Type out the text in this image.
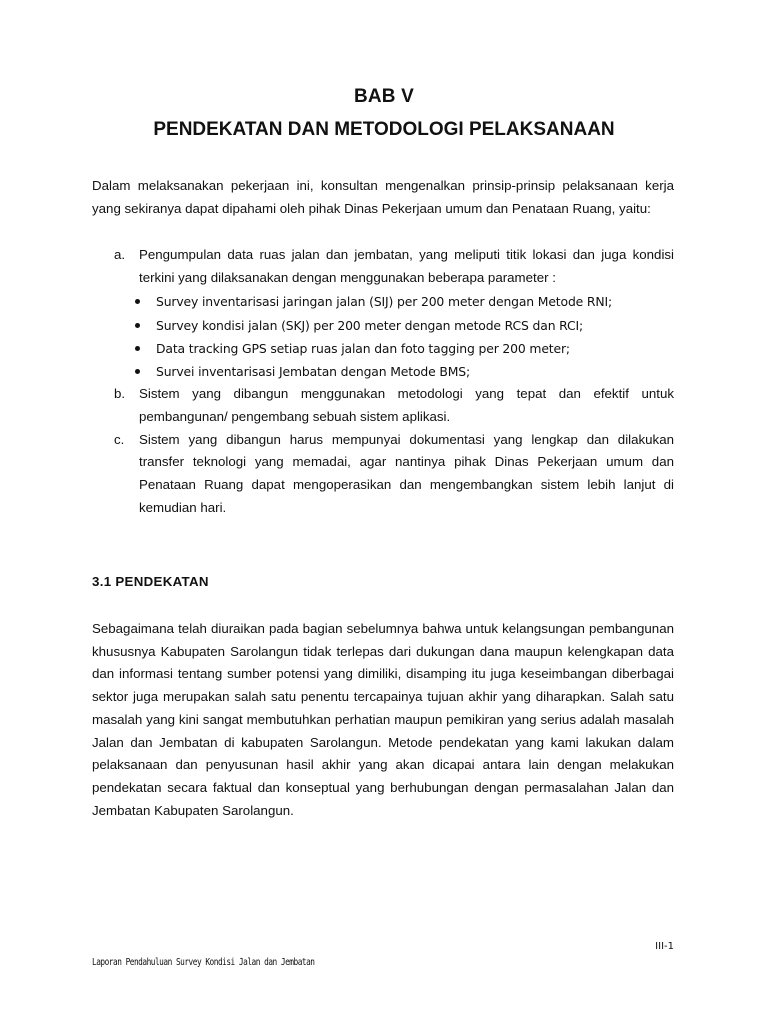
BAB V
PENDEKATAN DAN METODOLOGI PELAKSANAAN

Dalam melaksanakan pekerjaan ini, konsultan mengenalkan prinsip-prinsip pelaksanaan kerja yang sekiranya dapat dipahami oleh pihak Dinas Pekerjaan umum dan Penataan Ruang, yaitu:

a. Pengumpulan data ruas jalan dan jembatan, yang meliputi titik lokasi dan juga kondisi terkini yang dilaksanakan dengan menggunakan beberapa parameter :
Survey inventarisasi jaringan jalan (SIJ) per 200 meter dengan Metode RNI;
Survey kondisi jalan (SKJ) per 200 meter dengan metode RCS dan RCI;
Data tracking GPS setiap ruas jalan dan foto tagging per 200 meter;
Survei inventarisasi Jembatan dengan Metode BMS;
b. Sistem yang dibangun menggunakan metodologi yang tepat dan efektif untuk pembangunan/ pengembang sebuah sistem aplikasi.
c. Sistem yang dibangun harus mempunyai dokumentasi yang lengkap dan dilakukan transfer teknologi yang memadai, agar nantinya pihak Dinas Pekerjaan umum dan Penataan Ruang dapat mengoperasikan dan mengembangkan sistem lebih lanjut di kemudian hari.
3.1 PENDEKATAN

Sebagaimana telah diuraikan pada bagian sebelumnya bahwa untuk kelangsungan pembangunan khususnya Kabupaten Sarolangun tidak terlepas dari dukungan dana maupun kelengkapan data dan informasi tentang sumber potensi yang dimiliki, disamping itu juga keseimbangan diberbagai sektor juga merupakan salah satu penentu tercapainya tujuan akhir yang diharapkan. Salah satu masalah yang kini sangat membutuhkan perhatian maupun pemikiran yang serius adalah masalah Jalan dan Jembatan di kabupaten Sarolangun. Metode pendekatan yang kami lakukan dalam pelaksanaan dan penyusunan hasil akhir yang akan dicapai antara lain dengan melakukan pendekatan secara faktual dan konseptual yang berhubungan dengan permasalahan Jalan dan Jembatan Kabupaten Sarolangun.

III-1
Laporan Pendahuluan Survey Kondisi Jalan dan Jembatan
